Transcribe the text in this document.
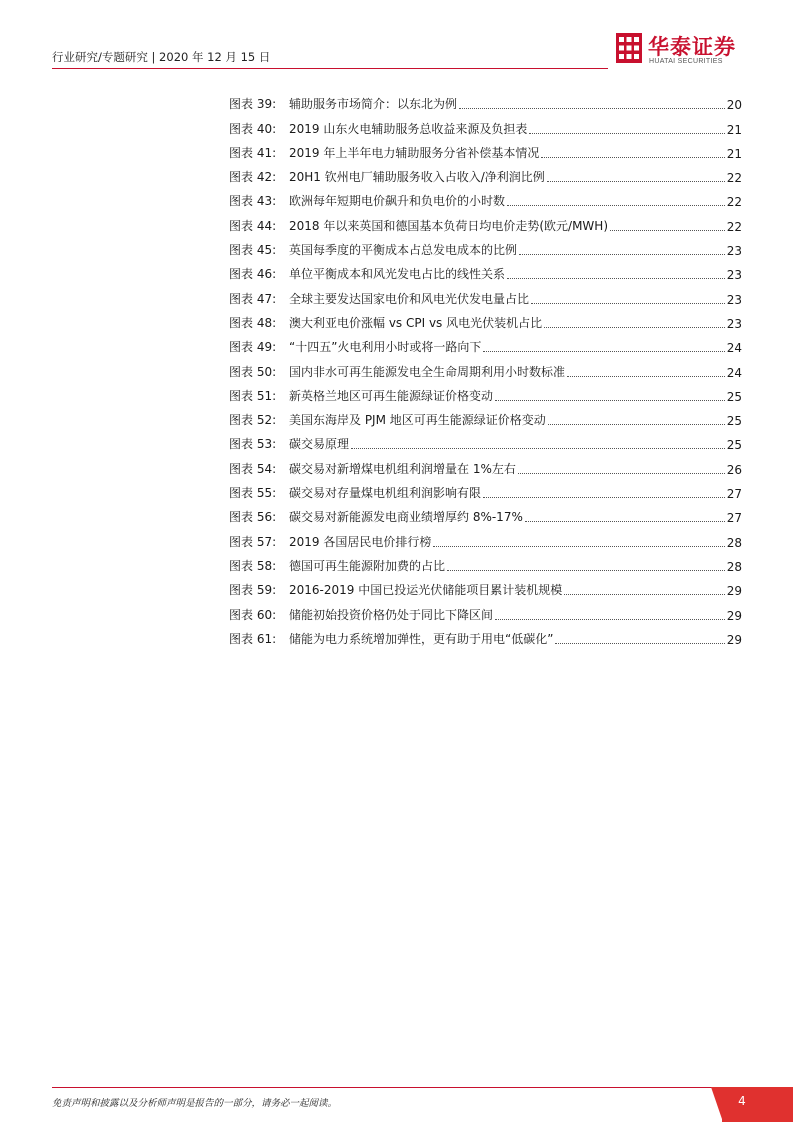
行业研究/专题研究 | 2020 年 12 月 15 日	华泰证券
HUATAI SECURITIES
图表 39:	辅助服务市场简介：以东北为例	20
图表 40:	2019 山东火电辅助服务总收益来源及负担表	21
图表 41:	2019 年上半年电力辅助服务分省补偿基本情况	21
图表 42:	20H1 钦州电厂辅助服务收入占收入/净利润比例	22
图表 43:	欧洲每年短期电价飙升和负电价的小时数	22
图表 44:	2018 年以来英国和德国基本负荷日均电价走势(欧元/MWH)	22
图表 45:	英国每季度的平衡成本占总发电成本的比例	23
图表 46:	单位平衡成本和风光发电占比的线性关系	23
图表 47:	全球主要发达国家电价和风电光伏发电量占比	23
图表 48:	澳大利亚电价涨幅 vs CPI vs 风电光伏装机占比	23
图表 49:	“十四五”火电利用小时或将一路向下	24
图表 50:	国内非水可再生能源发电全生命周期利用小时数标准	24
图表 51:	新英格兰地区可再生能源绿证价格变动	25
图表 52:	美国东海岸及 PJM 地区可再生能源绿证价格变动	25
图表 53:	碳交易原理	25
图表 54:	碳交易对新增煤电机组利润增量在 1%左右	26
图表 55:	碳交易对存量煤电机组利润影响有限	27
图表 56:	碳交易对新能源发电商业绩增厚约 8%-17%	27
图表 57:	2019 各国居民电价排行榜	28
图表 58:	德国可再生能源附加费的占比	28
图表 59:	2016-2019 中国已投运光伏储能项目累计装机规模	29
图表 60:	储能初始投资价格仍处于同比下降区间	29
图表 61:	储能为电力系统增加弹性，更有助于用电“低碳化”	29
免责声明和披露以及分析师声明是报告的一部分，请务必一起阅读。	4
